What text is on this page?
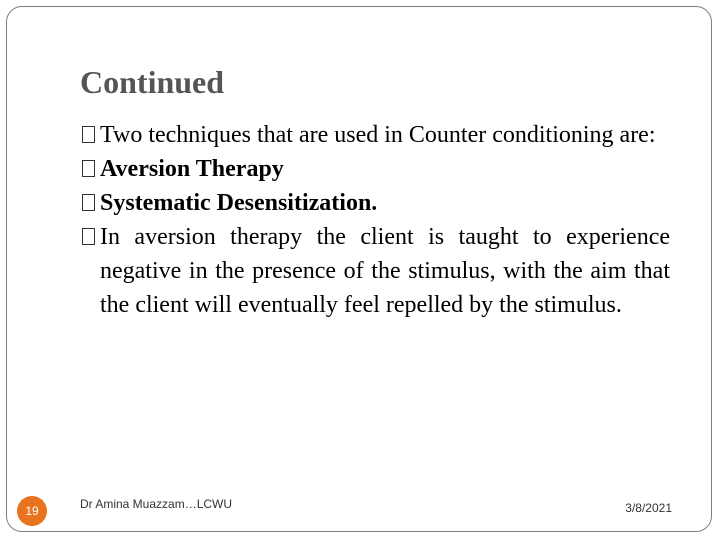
Continued
Two techniques that are used in Counter conditioning are:
Aversion Therapy
Systematic Desensitization.
In aversion therapy the client is taught to experience negative in the presence of the stimulus, with the aim that the client will eventually feel repelled by the stimulus.
19	Dr Amina Muazzam…LCWU	3/8/2021
